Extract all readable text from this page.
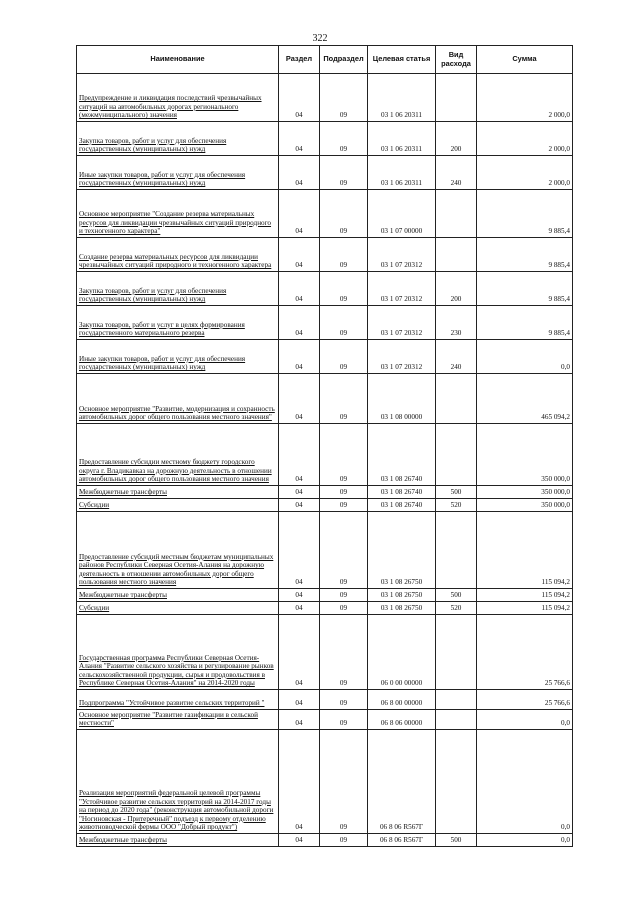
322
Наименование	Раздел	Подраздел	Целевая статья	Вид расхода	Сумма

Предупреждение и ликвидация последствий чрезвычайных ситуаций на автомобильных дорогах регионального (межмуниципального) значения	04	09	03 1 06 20311		2 000,0

Закупка товаров, работ и услуг для обеспечения государственных (муниципальных) нужд	04	09	03 1 06 20311	200	2 000,0

Иные закупки товаров, работ и услуг для обеспечения государственных (муниципальных) нужд	04	09	03 1 06 20311	240	2 000,0

Основное мероприятие "Создание резерва материальных ресурсов для ликвидации чрезвычайных ситуаций природного и техногенного характера"	04	09	03 1 07 00000		9 885,4

Создание резерва материальных ресурсов для ликвидации чрезвычайных ситуаций природного и техногенного характера	04	09	03 1 07 20312		9 885,4

Закупка товаров, работ и услуг для обеспечения государственных (муниципальных) нужд	04	09	03 1 07 20312	200	9 885,4

Закупка товаров, работ и услуг в целях формирования государственного материального резерва	04	09	03 1 07 20312	230	9 885,4

Иные закупки товаров, работ и услуг для обеспечения государственных (муниципальных) нужд	04	09	03 1 07 20312	240	0,0

Основное мероприятие "Развитие, модернизация и сохранность автомобильных дорог общего пользования местного значения"	04	09	03 1 08 00000		465 094,2

Предоставление субсидии местному бюджету городского округа г. Владикавказ на дорожную деятельность в отношении автомобильных дорог общего пользования местного значения	04	09	03 1 08 26740		350 000,0

Межбюджетные трансферты	04	09	03 1 08 26740	500	350 000,0

Субсидии	04	09	03 1 08 26740	520	350 000,0

Предоставление субсидий местным бюджетам муниципальных районов Республики Северная Осетия-Алания на дорожную деятельность в отношении автомобильных дорог общего пользования местного значения	04	09	03 1 08 26750		115 094,2

Межбюджетные трансферты	04	09	03 1 08 26750	500	115 094,2

Субсидии	04	09	03 1 08 26750	520	115 094,2

Государственная программа Республики Северная Осетия-Алания "Развитие сельского хозяйства и регулирование рынков сельскохозяйственной продукции, сырья и продовольствия в Республике Северная Осетия-Алания" на 2014-2020 годы	04	09	06 0 00 00000		25 766,6

Подпрограмма "Устойчивое развитие сельских территорий "	04	09	06 8 00 00000		25 766,6

Основное мероприятие "Развитие газификации в сельской местности"	04	09	06 8 06 00000		0,0

Реализация мероприятий федеральной целевой программы "Устойчивое развитие сельских территорий на 2014-2017 годы на период до 2020 года" (реконструкция автомобильной дороги "Ногиновская - Притеречный" подъезд к первому отделению животноводческой фермы ООО "Добрый продукт")	04	09	06 8 06 R567Г		0,0

Межбюджетные трансферты	04	09	06 8 06 R567Г	500	0,0
